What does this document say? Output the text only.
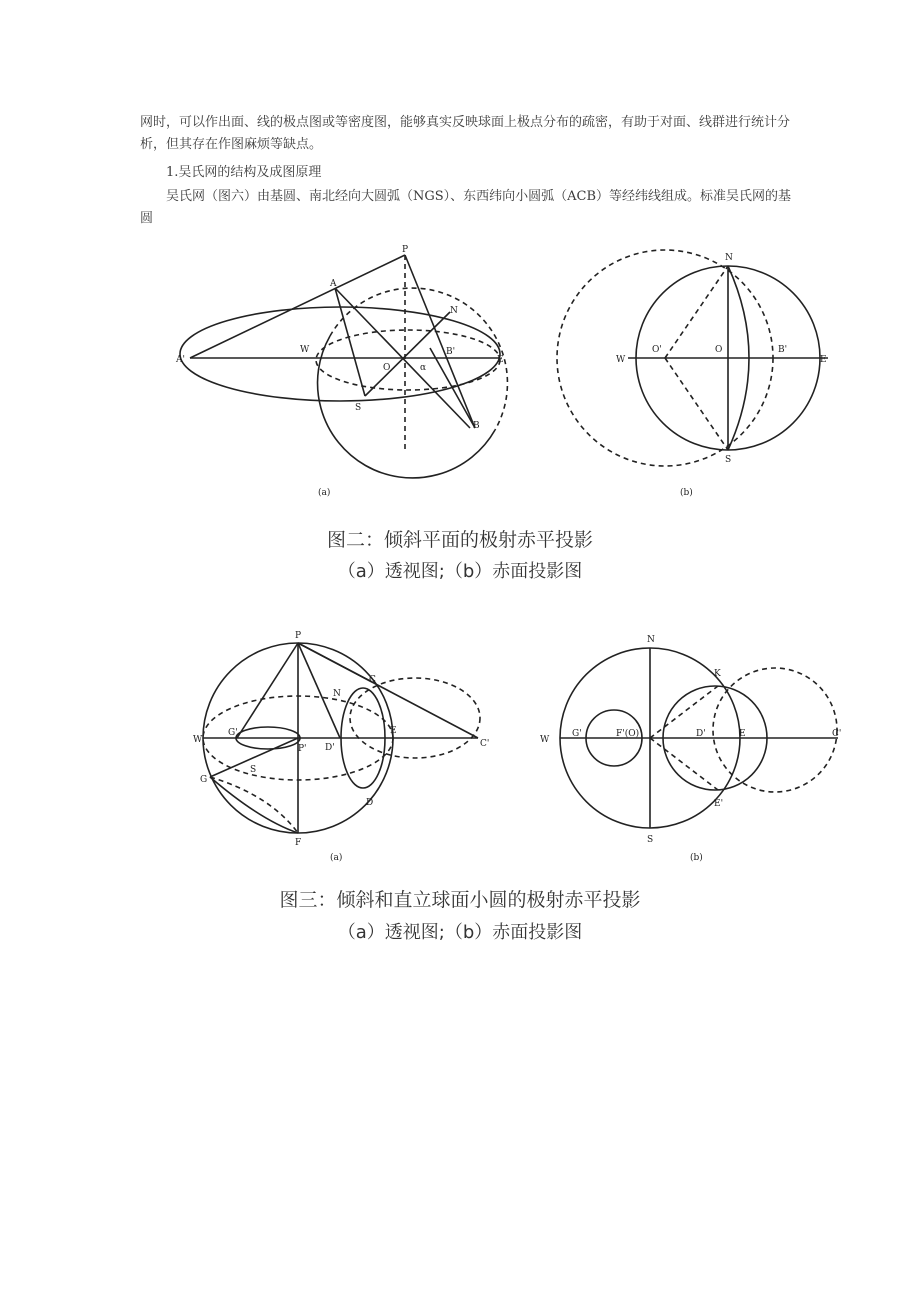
网时，可以作出面、线的极点图或等密度图，能够真实反映球面上极点分布的疏密，有助于对面、线群进行统计分析，但其存在作图麻烦等缺点。

1.吴氏网的结构及成图原理

吴氏网（图六）由基圆、南北经向大圆弧（NGS）、东西纬向小圆弧（ACB）等经纬线组成。标准吴氏网的基圆

P
A
N
W
E
O
B'
α
S
B
A'
(a)
N
W
O'	O	B'
E
S
(b)
图二：倾斜平面的极射赤平投影
（a）透视图;（b）赤面投影图
P
C
N
W
G'
P' D'
E
C'
S
G
D
F
(a)
N
K
W
G'	F'(O)	D'	E	C'
E'
S
(b)
图三：倾斜和直立球面小圆的极射赤平投影
（a）透视图;（b）赤面投影图
